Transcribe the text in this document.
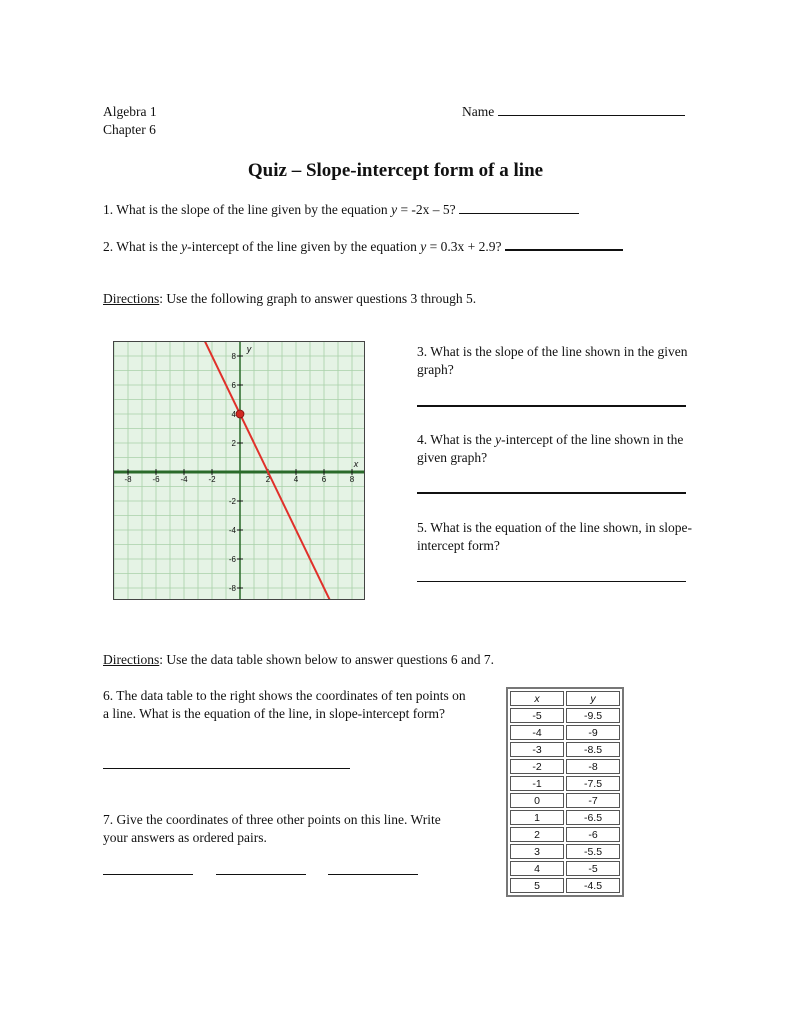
Algebra 1
Chapter 6
Name
Quiz – Slope-intercept form of a line
1. What is the slope of the line given by the equation y = -2x – 5?
2. What is the y-intercept of the line given by the equation y = 0.3x + 2.9?
Directions: Use the following graph to answer questions 3 through 5.
-8	-6	-4	-2	2	4	6	8
8
6
4
2
-2
-4
-6
-8
x
y	3. What is the slope of the line shown in the given graph?
4. What is the y-intercept of the line shown in the given graph?
5. What is the equation of the line shown, in slope-intercept form?
Directions: Use the data table shown below to answer questions 6 and 7.
6. The data table to the right shows the coordinates of ten points on a line. What is the equation of the line, in slope-intercept form?
7. Give the coordinates of three other points on this line. Write your answers as ordered pairs.
x	y
-5	-9.5
-4	-9
-3	-8.5
-2	-8
-1	-7.5
0	-7
1	-6.5
2	-6
3	-5.5
4	-5
5	-4.5
